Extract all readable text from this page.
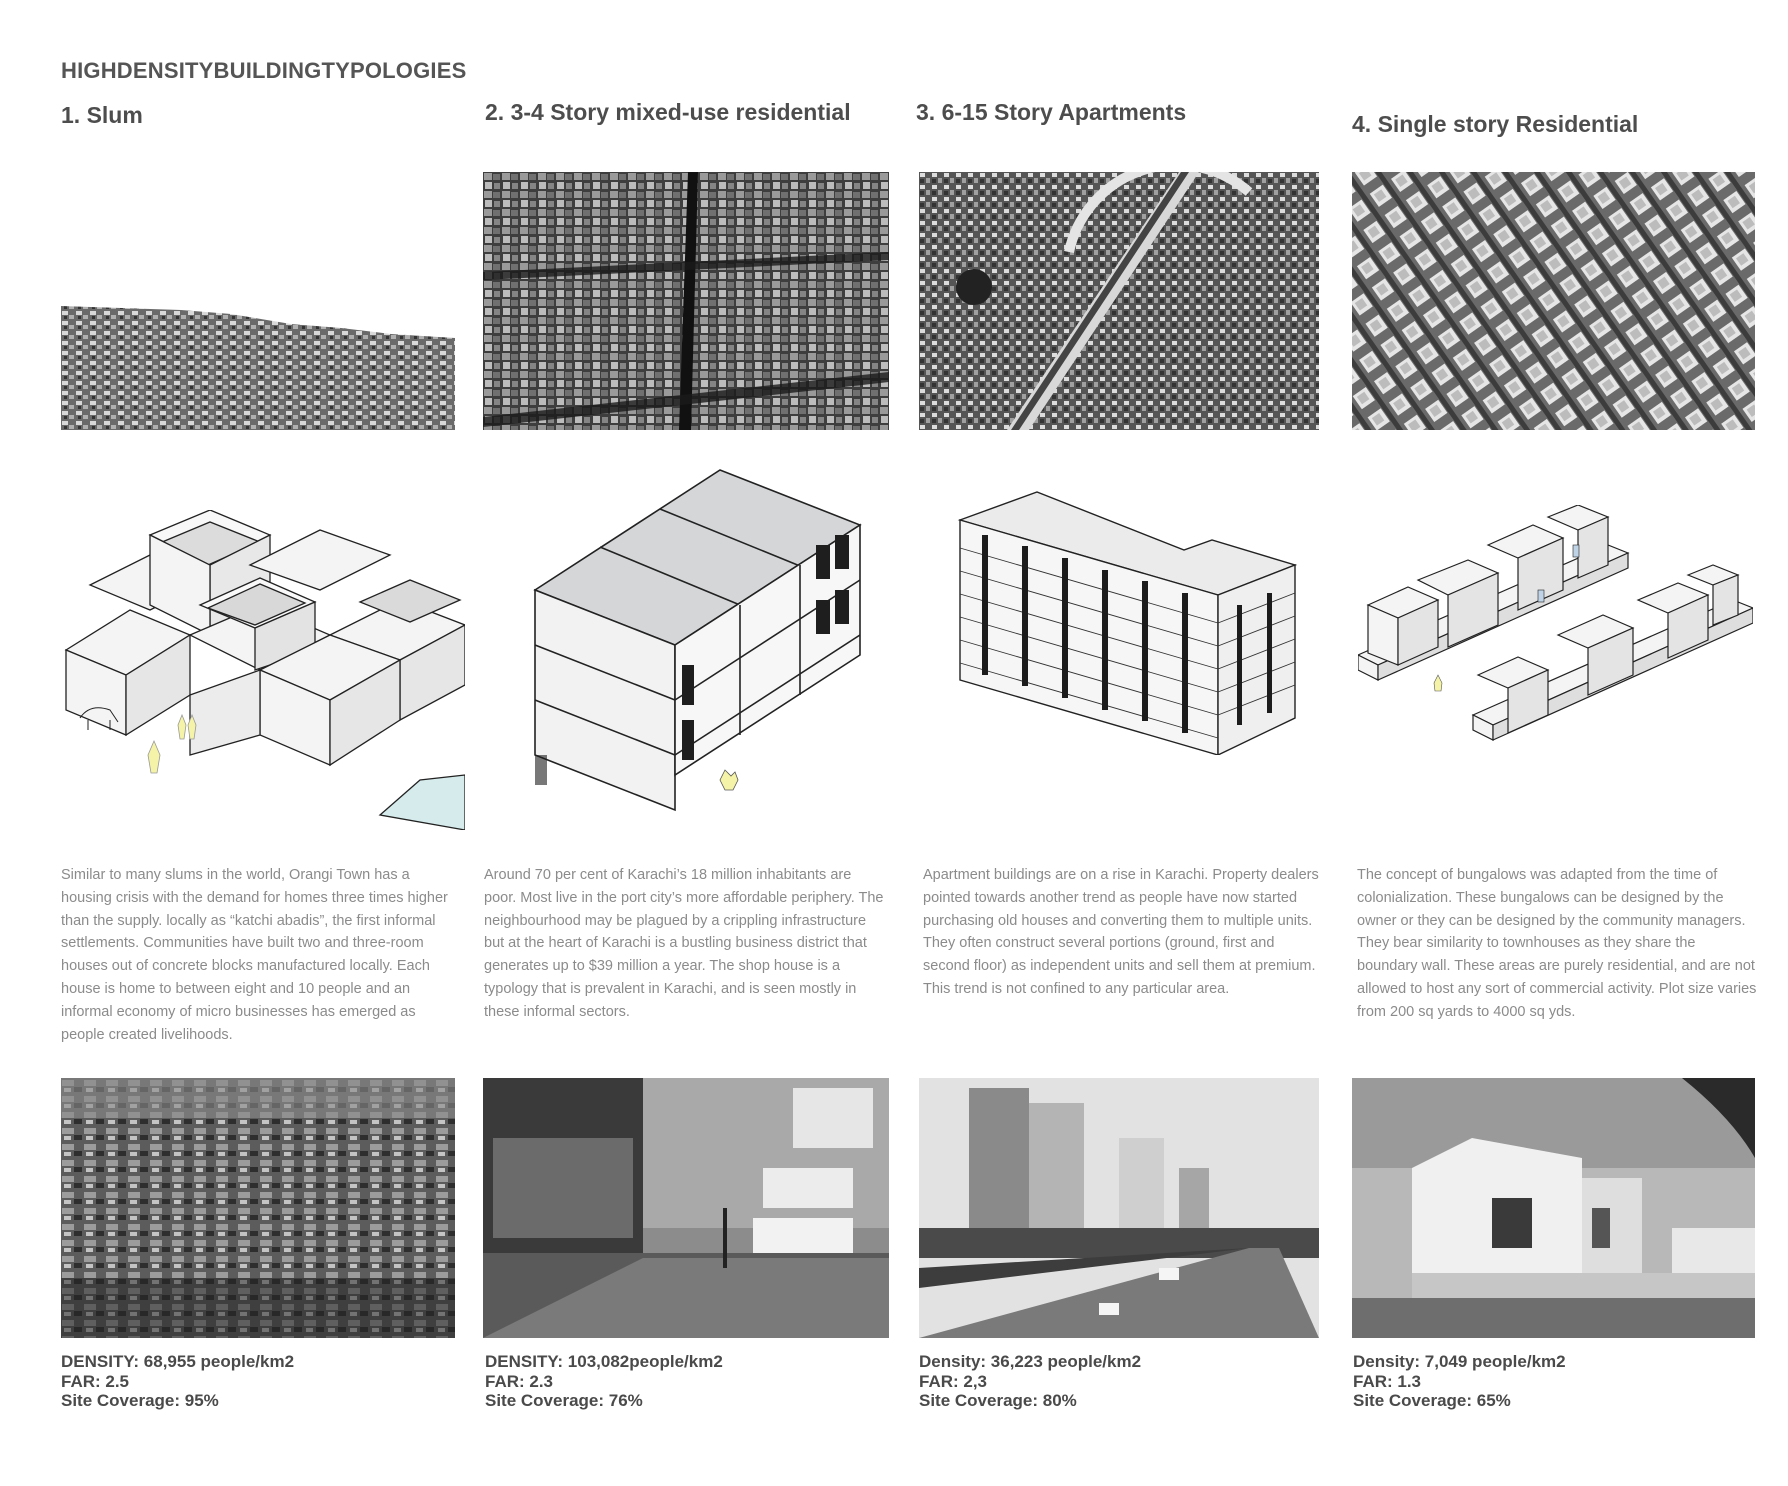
HIGHDENSITYBUILDINGTYPOLOGIES
1. Slum

Similar to many slums in the world, Orangi Town has a housing crisis with the demand for homes three times higher than the supply. locally as “katchi abadis”, the first informal settlements. Communities have built two and three-room houses out of concrete blocks manufactured locally. Each house is home to between eight and 10 people and an informal economy of micro businesses has emerged as people created livelihoods.

DENSITY: 68,955 people/km2
FAR: 2.5
Site Coverage: 95%
2. 3-4 Story mixed-use residential

Around 70 per cent of Karachi’s 18 million inhabitants are poor. Most live in the port city’s more affordable periphery. The neighbourhood may be plagued by a crippling infrastructure but at the heart of Karachi is a bustling business district that generates up to $39 million a year. The shop house is a typology that is prevalent in Karachi, and is seen mostly in these informal sectors.

DENSITY: 103,082people/km2
FAR: 2.3
Site Coverage: 76%
3. 6-15 Story Apartments

Apartment buildings are on a rise in Karachi. Property dealers pointed towards another trend as people have now started purchasing old houses and converting them to multiple units. They often construct several portions (ground, first and second floor) as independent units and sell them at premium. This trend is not confined to any particular area.

Density: 36,223 people/km2
FAR: 2,3
Site Coverage: 80%
4. Single story Residential

The concept of bungalows was adapted from the time of colonialization. These bungalows can be designed by the owner or they can be designed by the community managers. They bear similarity to townhouses as they share the boundary wall. These areas are purely residential, and are not allowed to host any sort of commercial activity. Plot size varies from 200 sq yards to 4000 sq yds.

Density: 7,049 people/km2
FAR: 1.3
Site Coverage: 65%
